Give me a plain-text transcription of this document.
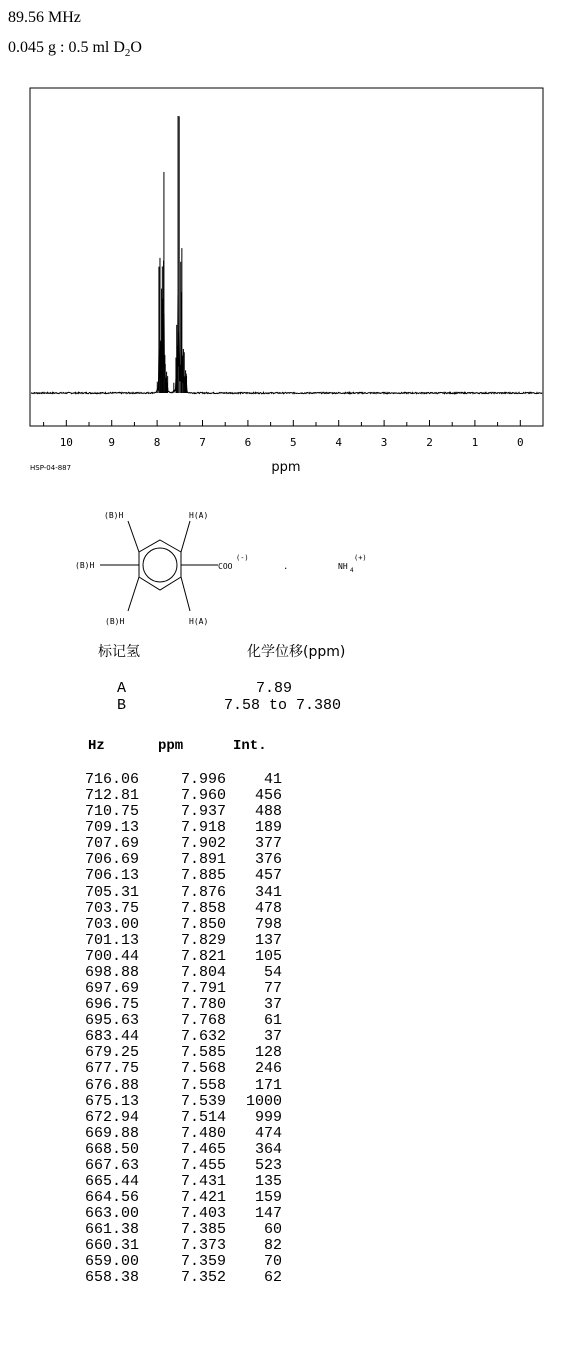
89.56 MHz
0.045 g : 0.5 ml $D_2O$
10	9	8	7	6	5	4	3	2	1	0
ppm
HSP-04-887
(B)H	H(A)
(B)H
(B)H	H(A)
COO
(-)
.	NH 4
(+)
标记氢	化学位移(ppm)
A	7.89
B	7.58 to 7.380
Hz	ppm	Int.
716.06	7.996	41
712.81	7.960	456
710.75	7.937	488
709.13	7.918	189
707.69	7.902	377
706.69	7.891	376
706.13	7.885	457
705.31	7.876	341
703.75	7.858	478
703.00	7.850	798
701.13	7.829	137
700.44	7.821	105
698.88	7.804	54
697.69	7.791	77
696.75	7.780	37
695.63	7.768	61
683.44	7.632	37
679.25	7.585	128
677.75	7.568	246
676.88	7.558	171
675.13	7.539	1000
672.94	7.514	999
669.88	7.480	474
668.50	7.465	364
667.63	7.455	523
665.44	7.431	135
664.56	7.421	159
663.00	7.403	147
661.38	7.385	60
660.31	7.373	82
659.00	7.359	70
658.38	7.352	62
